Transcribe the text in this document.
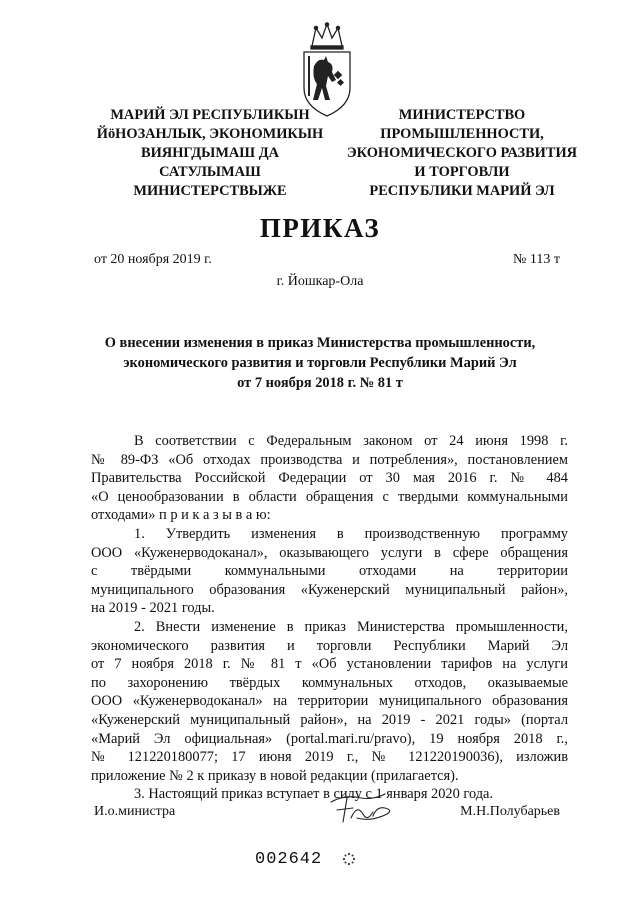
МАРИЙ ЭЛ РЕСПУБЛИКЫН
ЙӧНОЗАНЛЫК, ЭКОНОМИКЫН
ВИЯНГДЫМАШ ДА
САТУЛЫМАШ
МИНИСТЕРСТВЫЖЕ
МИНИСТЕРСТВО
ПРОМЫШЛЕННОСТИ,
ЭКОНОМИЧЕСКОГО РАЗВИТИЯ
И ТОРГОВЛИ
РЕСПУБЛИКИ МАРИЙ ЭЛ
ПРИКАЗ
от 20 ноября 2019 г.	№ 113 т
г. Йошкар-Ола
О внесении изменения в приказ Министерства промышленности,
экономического развития и торговли Республики Марий Эл
от 7 ноября 2018 г. № 81 т
В соответствии с Федеральным законом от 24 июня 1998 г.
№ 89-ФЗ «Об отходах производства и потребления», постановлением
Правительства Российской Федерации от 30 мая 2016 г. № 484
«О ценообразовании в области обращения с твердыми коммунальными
отходами» п р и к а з ы в а ю:
1. Утвердить изменения в производственную программу
ООО «Куженерводоканал», оказывающего услуги в сфере обращения
с твёрдыми коммунальными отходами на территории
муниципального образования «Куженерский муниципальный район»,
на 2019 - 2021 годы.
2. Внести изменение в приказ Министерства промышленности,
экономического развития и торговли Республики Марий Эл
от 7 ноября 2018 г. № 81 т «Об установлении тарифов на услуги
по захоронению твёрдых коммунальных отходов, оказываемые
ООО «Куженерводоканал» на территории муниципального образования
«Куженерский муниципальный район», на 2019 - 2021 годы» (портал
«Марий Эл официальная» (portal.mari.ru/pravo), 19 ноября 2018 г.,
№ 121220180077; 17 июня 2019 г., № 121220190036), изложив
приложение № 2 к приказу в новой редакции (прилагается).
3. Настоящий приказ вступает в силу с 1 января 2020 года.
И.о.министра	М.Н.Полубарьев
002642
